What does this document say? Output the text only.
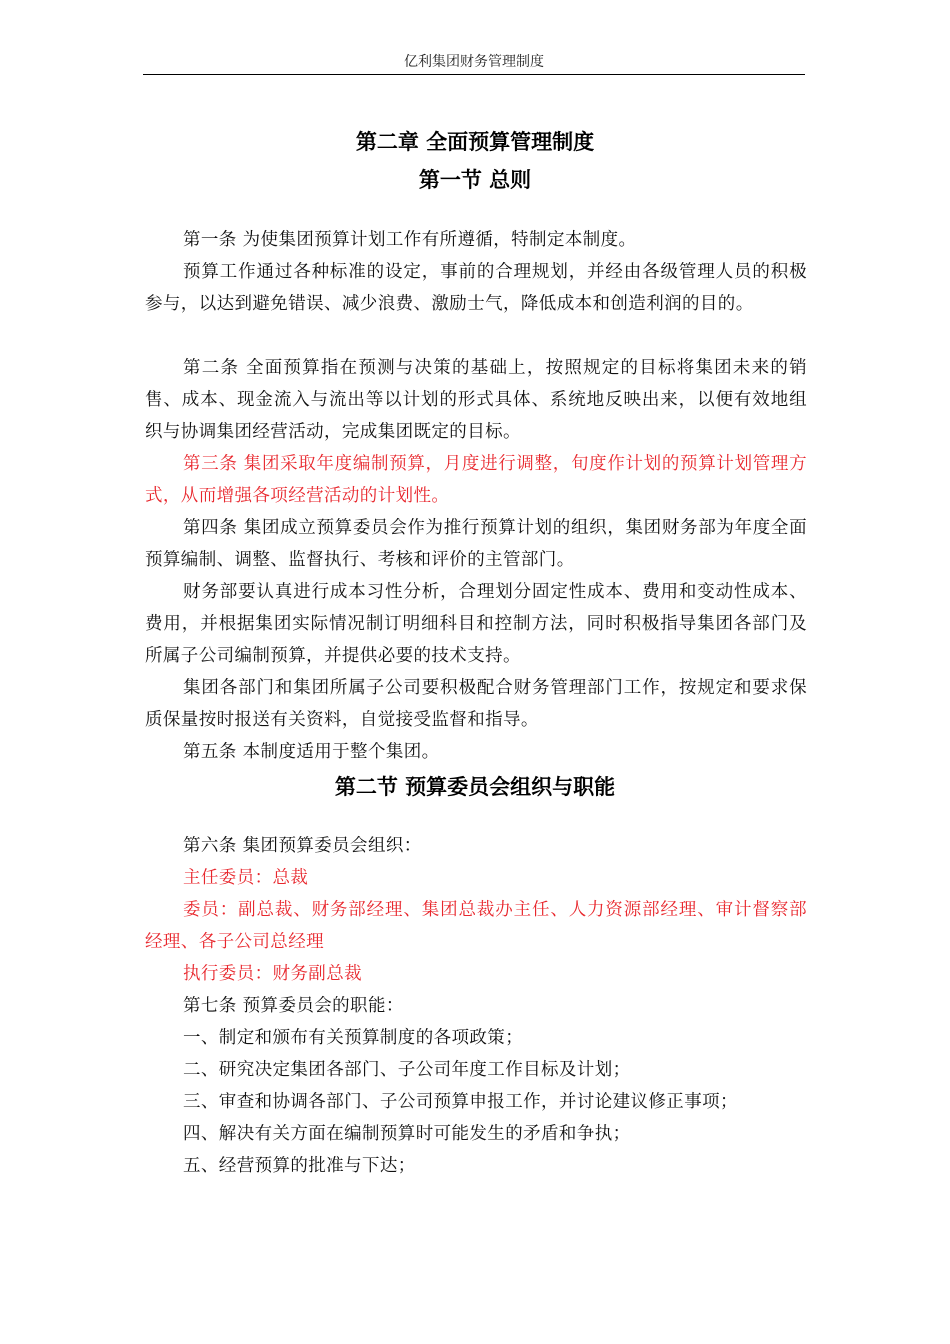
亿利集团财务管理制度
第二章 全面预算管理制度
第一节 总则
第一条 为使集团预算计划工作有所遵循，特制定本制度。
预算工作通过各种标准的设定，事前的合理规划，并经由各级管理人员的积极参与，以达到避免错误、减少浪费、激励士气，降低成本和创造利润的目的。
第二条 全面预算指在预测与决策的基础上，按照规定的目标将集团未来的销售、成本、现金流入与流出等以计划的形式具体、系统地反映出来，以便有效地组织与协调集团经营活动，完成集团既定的目标。
第三条 集团采取年度编制预算，月度进行调整，旬度作计划的预算计划管理方式，从而增强各项经营活动的计划性。
第四条 集团成立预算委员会作为推行预算计划的组织，集团财务部为年度全面预算编制、调整、监督执行、考核和评价的主管部门。
财务部要认真进行成本习性分析，合理划分固定性成本、费用和变动性成本、费用，并根据集团实际情况制订明细科目和控制方法，同时积极指导集团各部门及所属子公司编制预算，并提供必要的技术支持。
集团各部门和集团所属子公司要积极配合财务管理部门工作，按规定和要求保质保量按时报送有关资料，自觉接受监督和指导。
第五条 本制度适用于整个集团。
第二节 预算委员会组织与职能
第六条 集团预算委员会组织：
主任委员：总裁
委员：副总裁、财务部经理、集团总裁办主任、人力资源部经理、审计督察部经理、各子公司总经理
执行委员：财务副总裁
第七条 预算委员会的职能：
一、制定和颁布有关预算制度的各项政策；
二、研究决定集团各部门、子公司年度工作目标及计划；
三、审查和协调各部门、子公司预算申报工作，并讨论建议修正事项；
四、解决有关方面在编制预算时可能发生的矛盾和争执；
五、经营预算的批准与下达；
